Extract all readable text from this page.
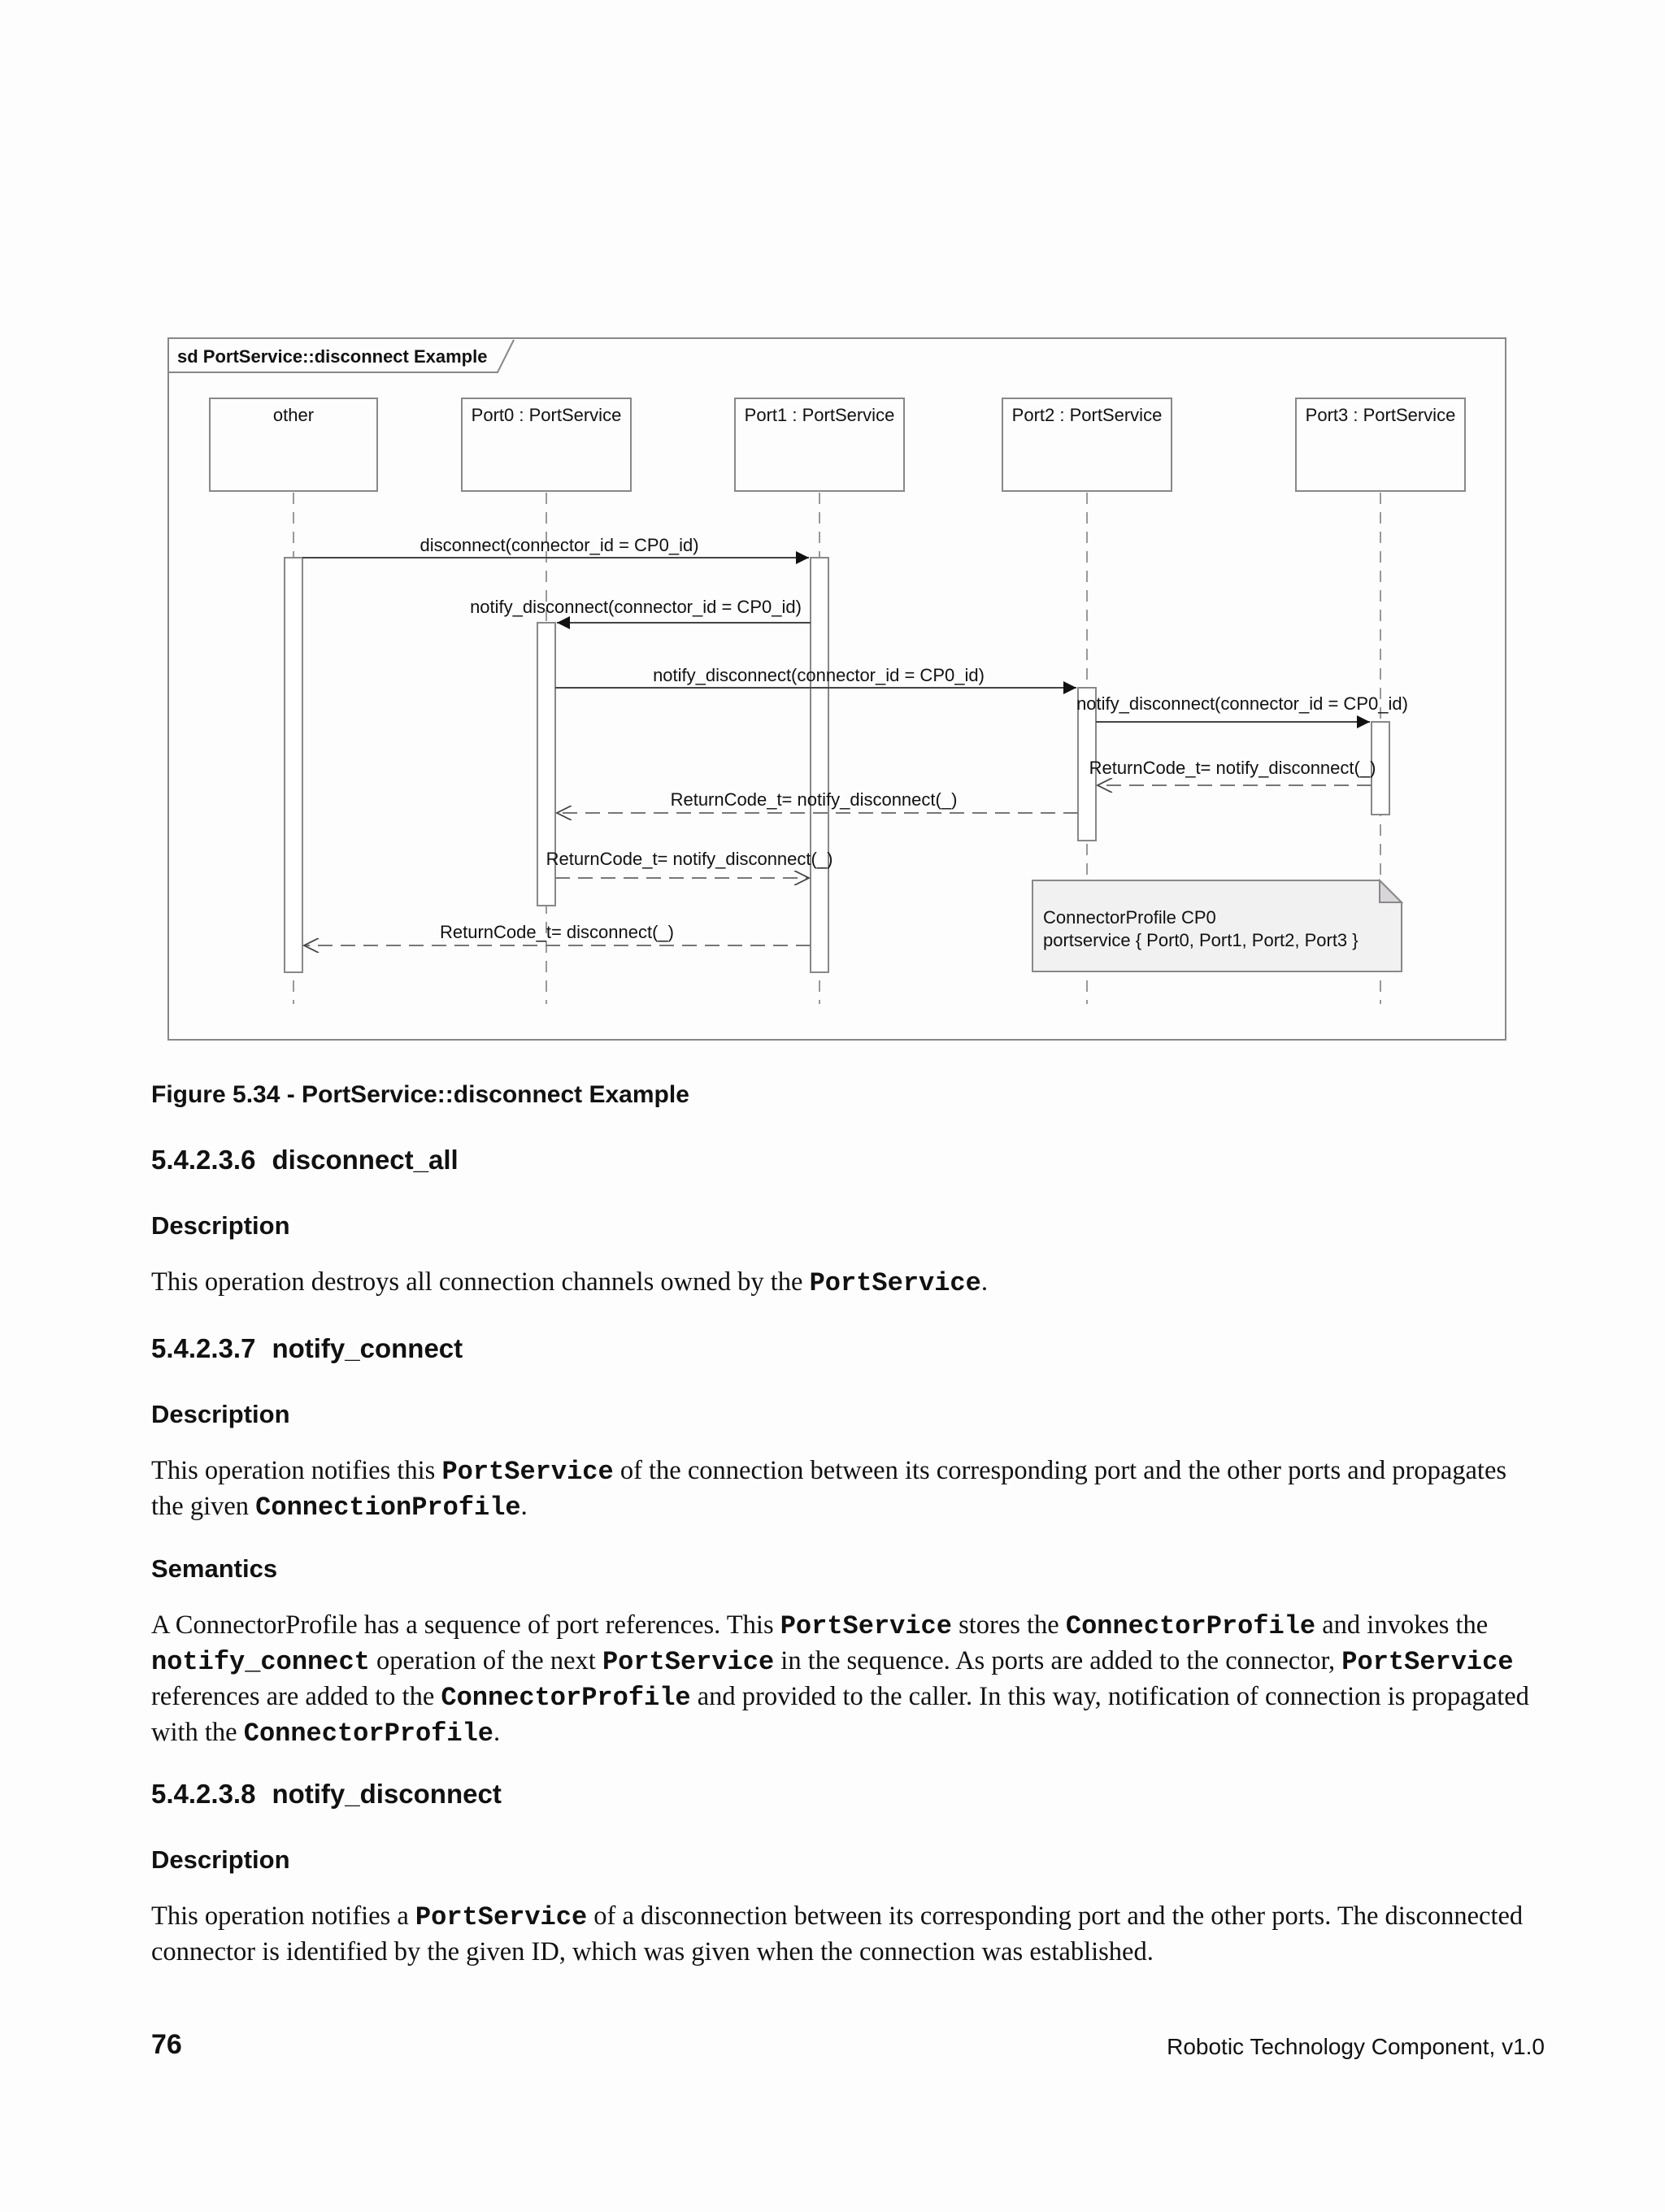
sd PortService::disconnect Example
other	Port0 : PortService	Port1 : PortService	Port2 : PortService	Port3 : PortService
disconnect(connector_id = CP0_id)
notify_disconnect(connector_id = CP0_id)
notify_disconnect(connector_id = CP0_id)
notify_disconnect(connector_id = CP0_id)
ReturnCode_t= notify_disconnect(_)
ReturnCode_t= notify_disconnect(_)
ReturnCode_t= notify_disconnect(_)
ReturnCode_t= disconnect(_)
ConnectorProfile CP0
portservice { Port0, Port1, Port2, Port3 }
Figure 5.34 - PortService::disconnect Example
5.4.2.3.6 disconnect_all
Description
This operation destroys all connection channels owned by the PortService.
5.4.2.3.7 notify_connect
Description
This operation notifies this PortService of the connection between its corresponding port and the other ports and propagates the given ConnectionProfile.
Semantics
A ConnectorProfile has a sequence of port references. This PortService stores the ConnectorProfile and invokes the notify_connect operation of the next PortService in the sequence. As ports are added to the connector, PortService references are added to the ConnectorProfile and provided to the caller. In this way, notification of connection is propagated with the ConnectorProfile.
5.4.2.3.8 notify_disconnect
Description
This operation notifies a PortService of a disconnection between its corresponding port and the other ports. The disconnected connector is identified by the given ID, which was given when the connection was established.
76	Robotic Technology Component, v1.0
